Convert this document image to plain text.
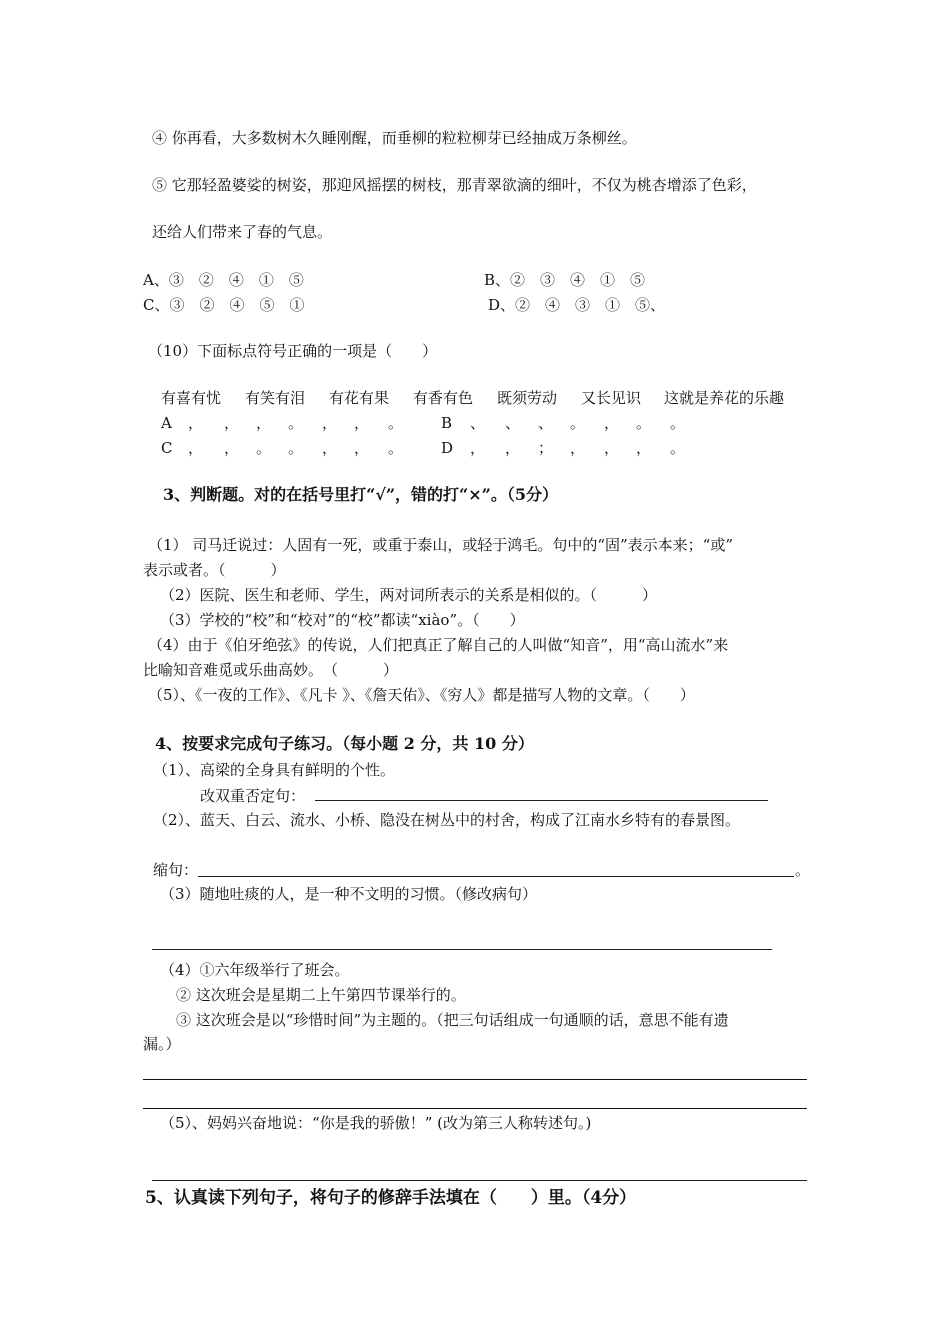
④ 你再看，大多数树木久睡刚醒，而垂柳的粒粒柳芽已经抽成万条柳丝。
⑤ 它那轻盈婆娑的树姿，那迎风摇摆的树枝，那青翠欲滴的细叶，不仅为桃杏增添了色彩，
还给人们带来了春的气息。
A、③　②　④　①　⑤	B、②　③　④　①　⑤
C、③　②　④　⑤　①	D、②　④　③　①　⑤、
（10）下面标点符号正确的一项是（　　）
有喜有忧 有笑有泪 有花有果 有香有色 既须劳动 又长见识 这就是养花的乐趣
A ， ， ， 。 ， ， 。	B 、 、 、 。 ， 。 。
C ， ， 。 。 ， ， 。	D ， ， ； ， ， ， 。
3、判断题。对的在括号里打“√”，错的打“×”。（5分）
（1） 司马迁说过：人固有一死，或重于泰山，或轻于鸿毛。句中的“固”表示本来；“或”
表示或者。（　　　）
（2）医院、医生和老师、学生，两对词所表示的关系是相似的。（　　　）
（3）学校的“校”和“校对”的“校”都读“xiào”。（　　）
（4）由于《伯牙绝弦》的传说，人们把真正了解自己的人叫做“知音”，用“高山流水”来
比喻知音难觅或乐曲高妙。　（　　　）
（5）、《一夜的工作》、《凡卡 》、《詹天佑》、《穷人》都是描写人物的文章。（　　）
4、按要求完成句子练习。（每小题 2 分，共 10 分）
（1）、高梁的全身具有鲜明的个性。
改双重否定句：
（2）、蓝天、白云、流水、小桥、隐没在树丛中的村舍，构成了江南水乡特有的春景图。
缩句：	。
（3）随地吐痰的人，是一种不文明的习惯。（修改病句）
（4）①六年级举行了班会。
② 这次班会是星期二上午第四节课举行的。
③ 这次班会是以“珍惜时间”为主题的。（把三句话组成一句通顺的话，意思不能有遗
漏。）
（5）、妈妈兴奋地说：“你是我的骄傲！” (改为第三人称转述句。)
5、认真读下列句子，将句子的修辞手法填在（　　）里。（4分）
